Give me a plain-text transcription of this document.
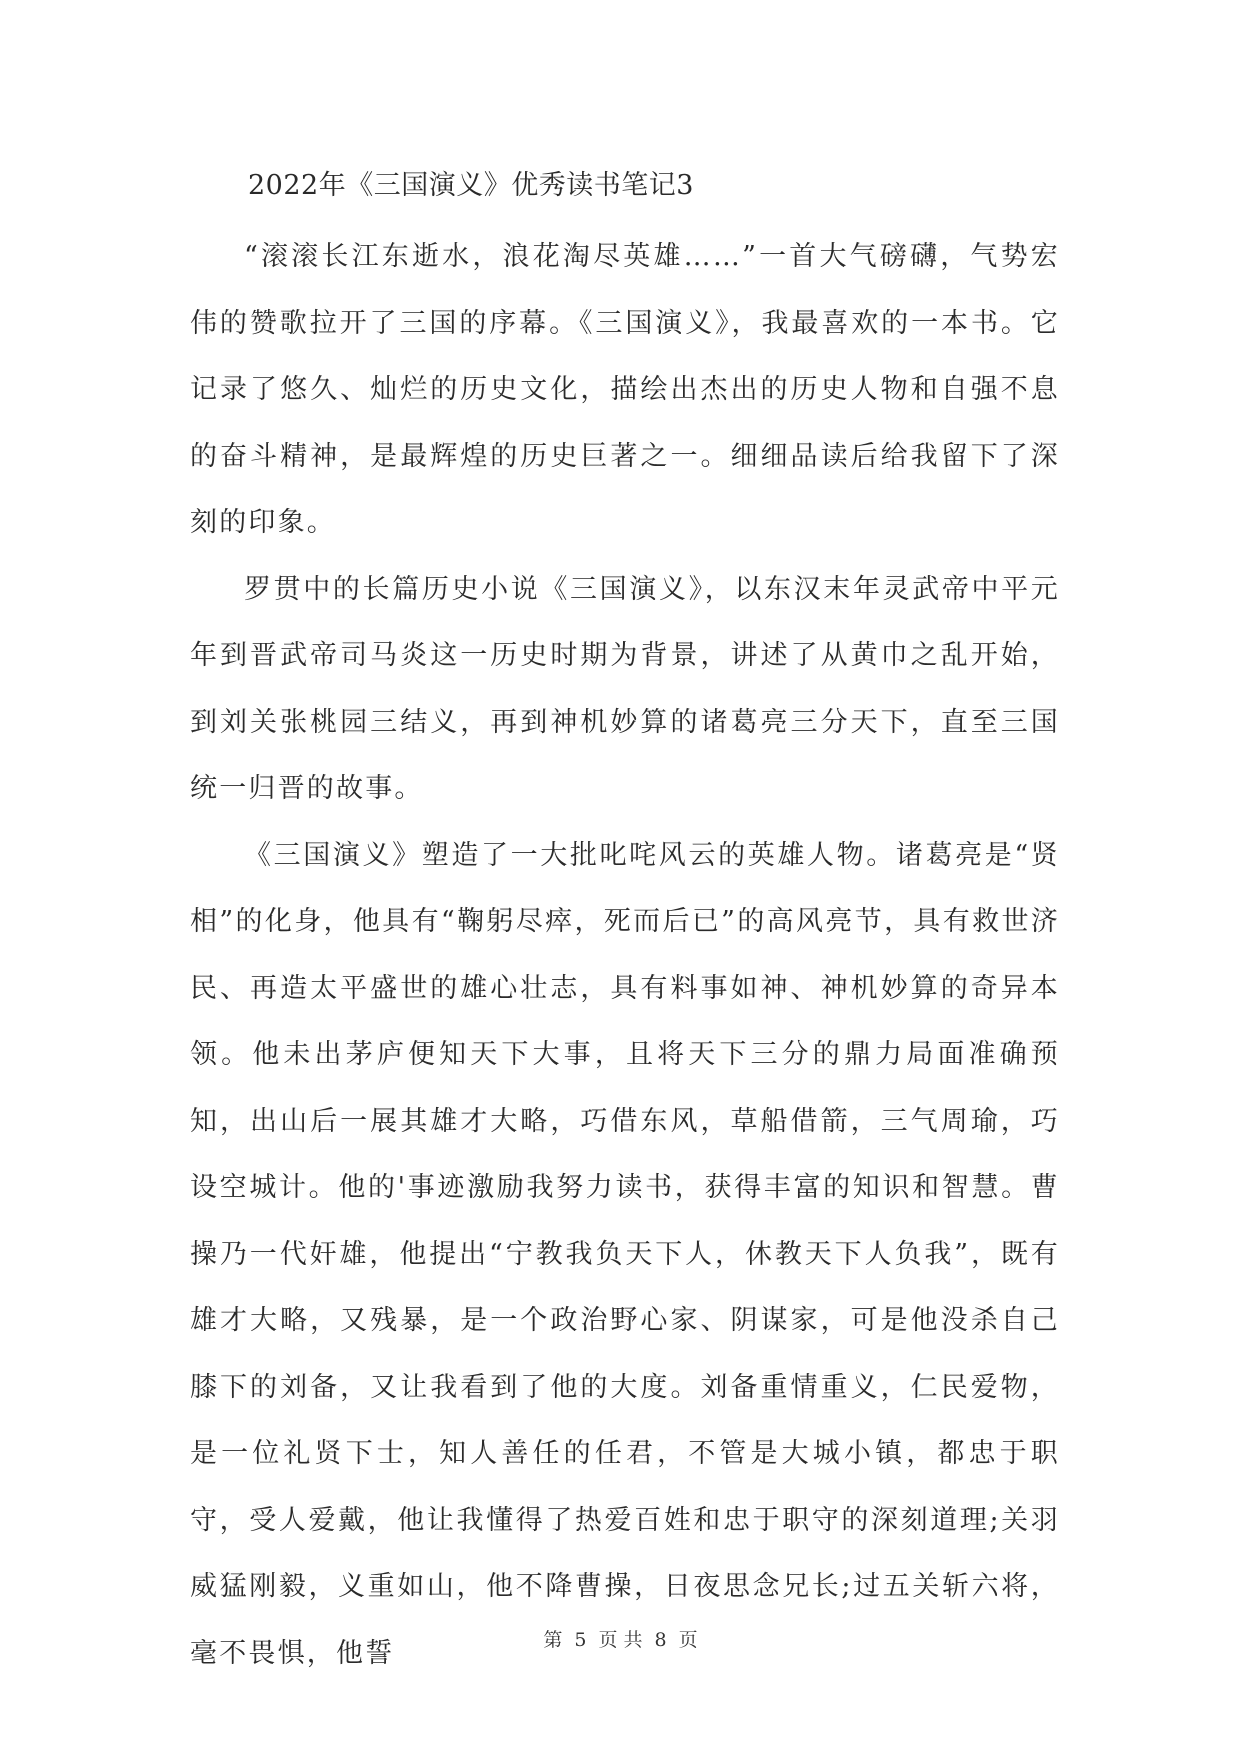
2022年《三国演义》优秀读书笔记3

“滚滚长江东逝水，浪花淘尽英雄……”一首大气磅礴，气势宏伟的赞歌拉开了三国的序幕。《三国演义》，我最喜欢的一本书。它记录了悠久、灿烂的历史文化，描绘出杰出的历史人物和自强不息的奋斗精神，是最辉煌的历史巨著之一。细细品读后给我留下了深刻的印象。

罗贯中的长篇历史小说《三国演义》，以东汉末年灵武帝中平元年到晋武帝司马炎这一历史时期为背景，讲述了从黄巾之乱开始，到刘关张桃园三结义，再到神机妙算的诸葛亮三分天下，直至三国统一归晋的故事。

《三国演义》塑造了一大批叱咤风云的英雄人物。诸葛亮是“贤相”的化身，他具有“鞠躬尽瘁，死而后已”的高风亮节，具有救世济民、再造太平盛世的雄心壮志，具有料事如神、神机妙算的奇异本领。他未出茅庐便知天下大事，且将天下三分的鼎力局面准确预知，出山后一展其雄才大略，巧借东风，草船借箭，三气周瑜，巧设空城计。他的'事迹激励我努力读书，获得丰富的知识和智慧。曹操乃一代奸雄，他提出“宁教我负天下人，休教天下人负我”，既有雄才大略，又残暴，是一个政治野心家、阴谋家，可是他没杀自己膝下的刘备，又让我看到了他的大度。刘备重情重义，仁民爱物，是一位礼贤下士，知人善任的任君，不管是大城小镇，都忠于职守，受人爱戴，他让我懂得了热爱百姓和忠于职守的深刻道理;关羽威猛刚毅，义重如山，他不降曹操，日夜思念兄长;过五关斩六将，毫不畏惧，他誓	第 5 页 共 8 页
